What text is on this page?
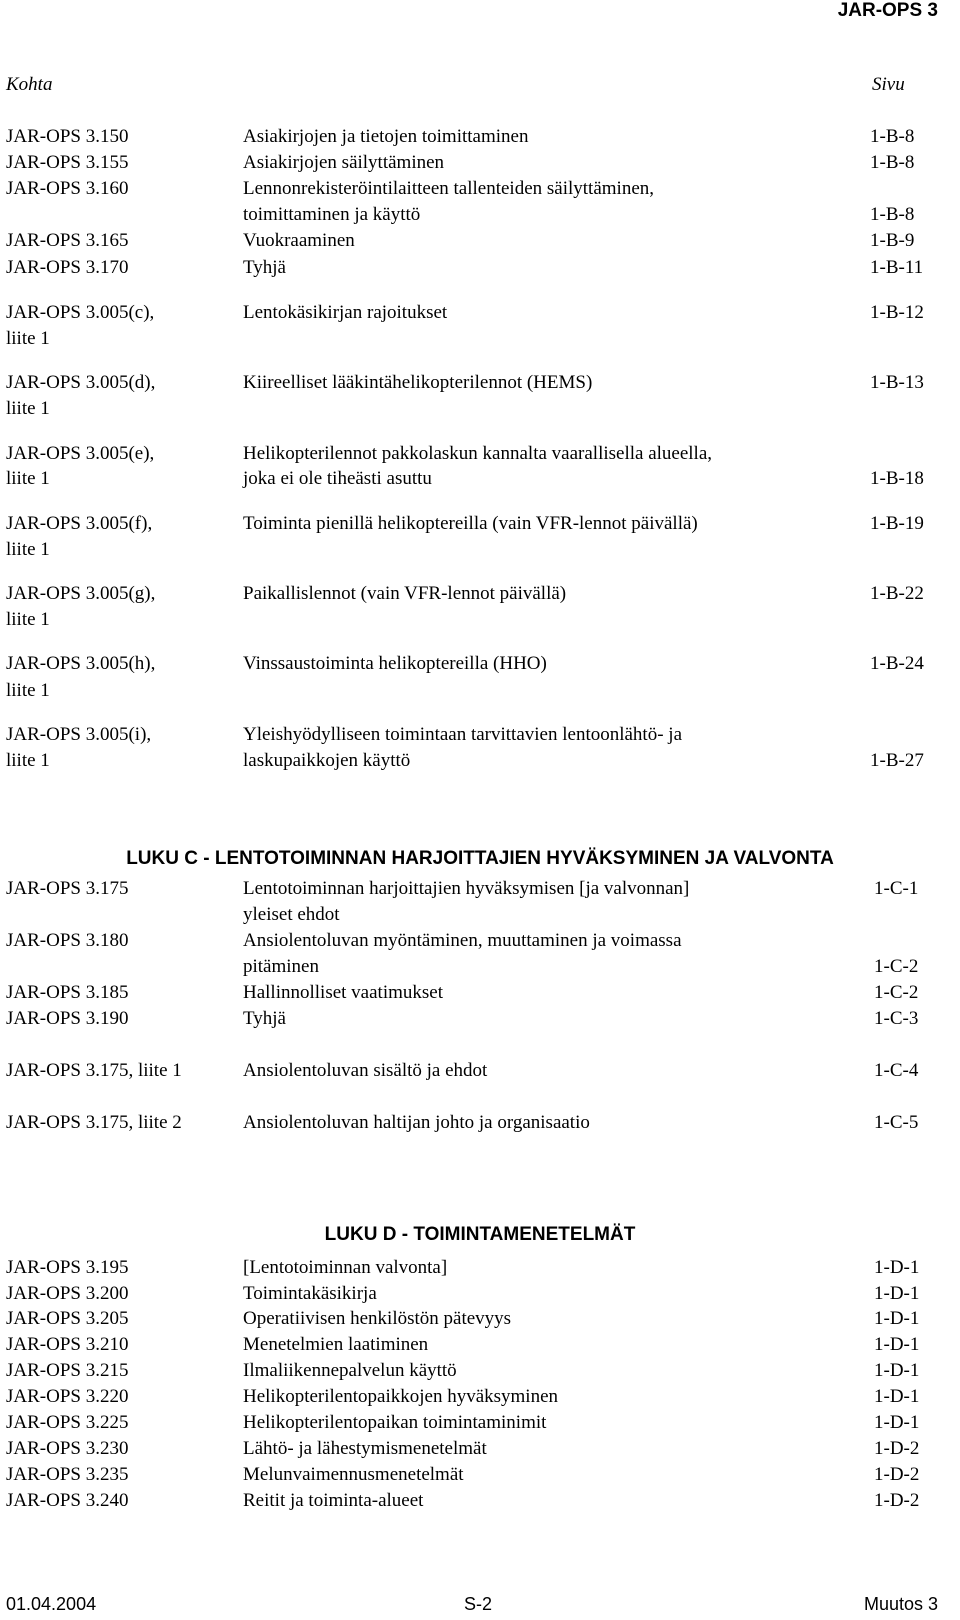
JAR-OPS 3
Kohta	Sivu
JAR-OPS 3.150	Asiakirjojen ja tietojen toimittaminen	1-B-8
JAR-OPS 3.155	Asiakirjojen säilyttäminen	1-B-8
JAR-OPS 3.160	Lennonrekisteröintilaitteen tallenteiden säilyttäminen,
toimittaminen ja käyttö	1-B-8
JAR-OPS 3.165	Vuokraaminen	1-B-9
JAR-OPS 3.170	Tyhjä	1-B-11
JAR-OPS 3.005(c),	Lentokäsikirjan rajoitukset	1-B-12
liite 1
JAR-OPS 3.005(d),	Kiireelliset lääkintähelikopterilennot (HEMS)	1-B-13
liite 1
JAR-OPS 3.005(e),	Helikopterilennot pakkolaskun kannalta vaarallisella alueella,
liite 1	joka ei ole tiheästi asuttu	1-B-18
JAR-OPS 3.005(f),	Toiminta pienillä helikoptereilla (vain VFR-lennot päivällä)	1-B-19
liite 1
JAR-OPS 3.005(g),	Paikallislennot (vain VFR-lennot päivällä)	1-B-22
liite 1
JAR-OPS 3.005(h),	Vinssaustoiminta helikoptereilla (HHO)	1-B-24
liite 1
JAR-OPS 3.005(i),	Yleishyödylliseen toimintaan tarvittavien lentoonlähtö- ja
liite 1	laskupaikkojen käyttö	1-B-27
LUKU C - LENTOTOIMINNAN HARJOITTAJIEN HYVÄKSYMINEN JA VALVONTA
JAR-OPS 3.175	Lentotoiminnan harjoittajien hyväksymisen [ja valvonnan]	1-C-1
yleiset ehdot
JAR-OPS 3.180	Ansiolentoluvan myöntäminen, muuttaminen ja voimassa
pitäminen	1-C-2
JAR-OPS 3.185	Hallinnolliset vaatimukset	1-C-2
JAR-OPS 3.190	Tyhjä	1-C-3
JAR-OPS 3.175, liite 1	Ansiolentoluvan sisältö ja ehdot	1-C-4
JAR-OPS 3.175, liite 2	Ansiolentoluvan haltijan johto ja organisaatio	1-C-5
LUKU D - TOIMINTAMENETELMÄT
JAR-OPS 3.195	[Lentotoiminnan valvonta]	1-D-1
JAR-OPS 3.200	Toimintakäsikirja	1-D-1
JAR-OPS 3.205	Operatiivisen henkilöstön pätevyys	1-D-1
JAR-OPS 3.210	Menetelmien laatiminen	1-D-1
JAR-OPS 3.215	Ilmaliikennepalvelun käyttö	1-D-1
JAR-OPS 3.220	Helikopterilentopaikkojen hyväksyminen	1-D-1
JAR-OPS 3.225	Helikopterilentopaikan toimintaminimit	1-D-1
JAR-OPS 3.230	Lähtö- ja lähestymismenetelmät	1-D-2
JAR-OPS 3.235	Melunvaimennusmenetelmät	1-D-2
JAR-OPS 3.240	Reitit ja toiminta-alueet	1-D-2
01.04.2004	S-2	Muutos 3
